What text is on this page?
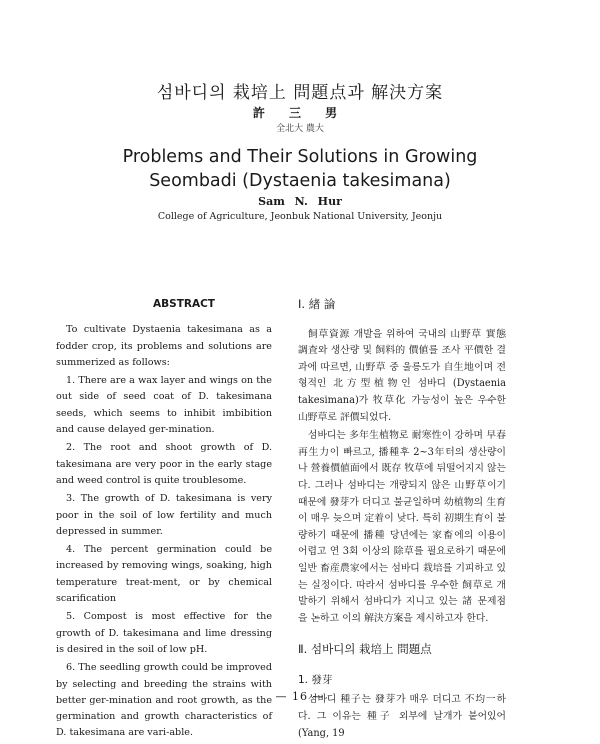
섬바디의 栽培上 問題点과 解決方案
許 三 男
全北大 農大
Problems and Their Solutions in Growing
Seombadi (Dystaenia takesimana)
Sam N. Hur
College of Agriculture, Jeonbuk National University, Jeonju
ABSTRACT

To cultivate Dystaenia takesimana as a fodder crop, its problems and solutions are summerized as follows:

1. There are a wax layer and wings on the out side of seed coat of D. takesimana seeds, which seems to inhibit imbibition and cause delayed ger-mination.

2. The root and shoot growth of D. takesimana are very poor in the early stage and weed control is quite troublesome.

3. The growth of D. takesimana is very poor in the soil of low fertility and much depressed in summer.

4. The percent germination could be increased by removing wings, soaking, high temperature treat-ment, or by chemical scarification

5. Compost is most effective for the growth of D. takesimana and lime dressing is desired in the soil of low pH.

6. The seedling growth could be improved by selecting and breeding the strains with better ger-mination and root growth, as the germination and growth characteristics of D. takesimana are vari-able.

Ⅰ. 緖 論

飼草資源 개발을 위하여 국내의 山野草 實態調査와 생산량 및 飼料的 價値를 조사 平價한 결과에 따르면, 山野草 중 울릉도가 自生地이며 전형적인 北方型植物인 섬바디 (Dystaenia takesimana)가 牧草化 가능성이 높은 우수한 山野草로 評價되었다.

섬바디는 多年生植物로 耐寒性이 강하며 早春再生力이 빠르고, 播種후 2~3年터의 생산량이나 營養價値面에서 既存 牧草에 뒤떨어지지 않는다. 그러나 섬바디는 개량되지 않은 山野草이기 때문에 發芽가 더디고 불균일하며 幼植物의 生育이 매우 늦으며 定着이 낮다. 특히 初期生育이 불량하기 때문에 播種 당년에는 家畜에의 이용이 어렵고 연 3회 이상의 除草를 필요로하기 때문에 일반 畜産農家에서는 섬바디 栽培를 기피하고 있는 실정이다. 따라서 섬바디를 우수한 飼草로 개발하기 위해서 섬바디가 지니고 있는 諸 문제점을 논하고 이의 解決方案을 제시하고자 한다.

Ⅱ. 섬바디의 栽培上 問題点
1. 發芽

섬바디 種子는 發芽가 매우 더디고 不均一하다. 그 이유는 種子 외부에 날개가 붙어있어 (Yang, 19

— 16 —
